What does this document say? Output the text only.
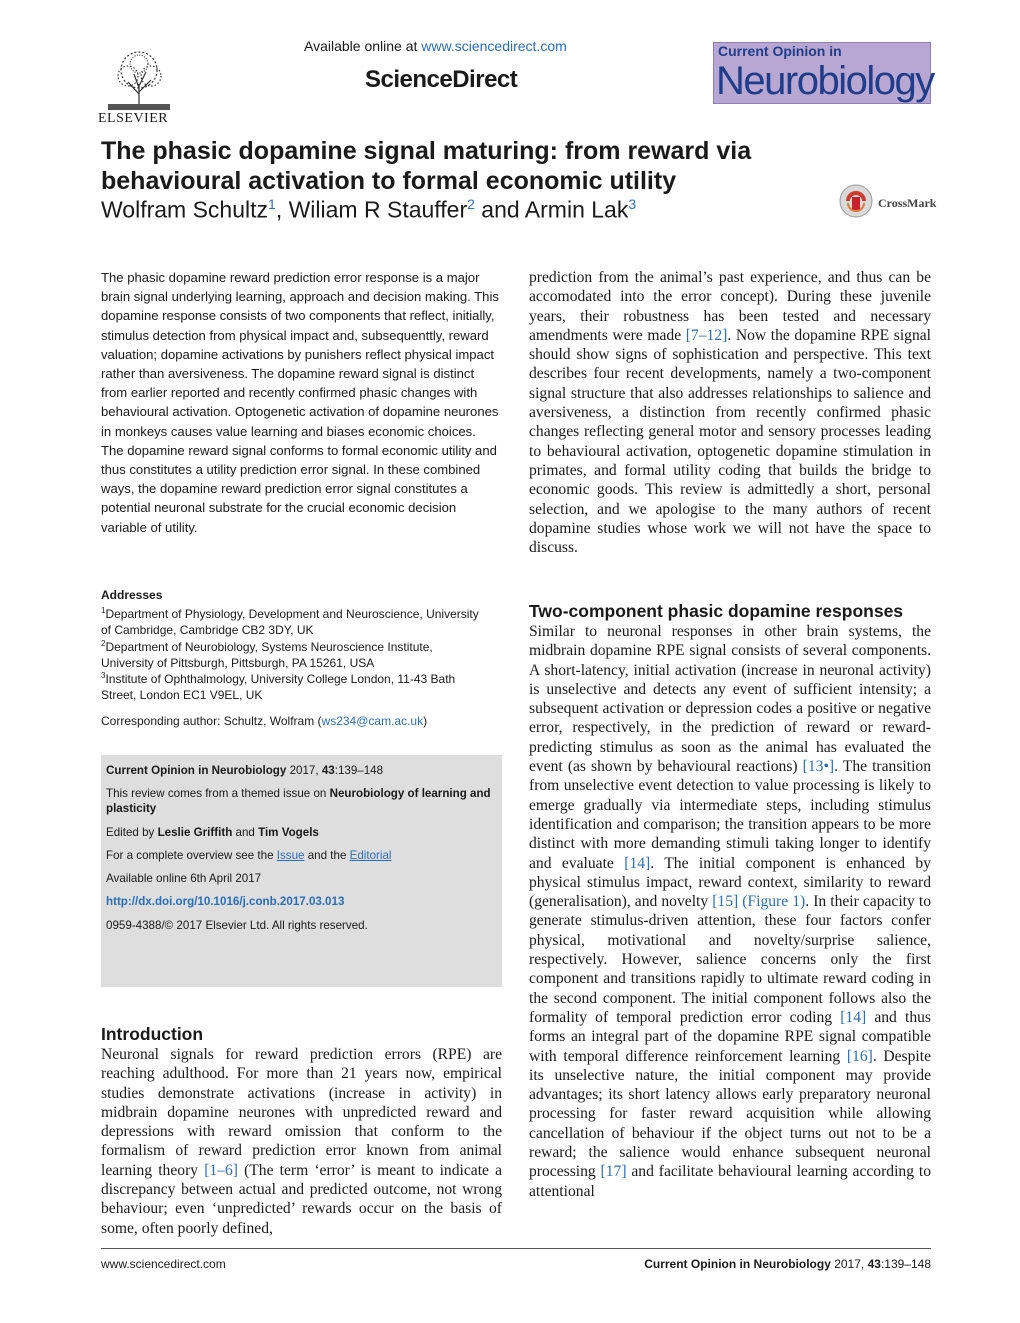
ELSEVIER
Available online at www.sciencedirect.com
ScienceDirect
Current Opinion in
Neurobiology
The phasic dopamine signal maturing: from reward via behavioural activation to formal economic utility
Wolfram Schultz$^1$, Wiliam R Stauffer$^2$ and Armin Lak$^3$	CrossMark
The phasic dopamine reward prediction error response is a major brain signal underlying learning, approach and decision making. This dopamine response consists of two components that reflect, initially, stimulus detection from physical impact and, subsequenttly, reward valuation; dopamine activations by punishers reflect physical impact rather than aversiveness. The dopamine reward signal is distinct from earlier reported and recently confirmed phasic changes with behavioural activation. Optogenetic activation of dopamine neurones in monkeys causes value learning and biases economic choices. The dopamine reward signal conforms to formal economic utility and thus constitutes a utility prediction error signal. In these combined ways, the dopamine reward prediction error signal constitutes a potential neuronal substrate for the crucial economic decision variable of utility.
Addresses
$^1$Department of Physiology, Development and Neuroscience, University
of Cambridge, Cambridge CB2 3DY, UK
$^2$Department of Neurobiology, Systems Neuroscience Institute,
University of Pittsburgh, Pittsburgh, PA 15261, USA
$^3$Institute of Ophthalmology, University College London, 11-43 Bath
Street, London EC1 V9EL, UK
Corresponding author: Schultz, Wolfram (ws234@cam.ac.uk)
Current Opinion in Neurobiology 2017, 43:139–148
This review comes from a themed issue on Neurobiology of learning and plasticity
Edited by Leslie Griffith and Tim Vogels
For a complete overview see the Issue and the Editorial
Available online 6th April 2017
http://dx.doi.org/10.1016/j.conb.2017.03.013
0959-4388/© 2017 Elsevier Ltd. All rights reserved.
Introduction
Neuronal signals for reward prediction errors (RPE) are reaching adulthood. For more than 21 years now, empirical studies demonstrate activations (increase in activity) in midbrain dopamine neurones with unpredicted reward and depressions with reward omission that conform to the formalism of reward prediction error known from animal learning theory [1–6] (The term ‘error’ is meant to indicate a discrepancy between actual and predicted outcome, not wrong behaviour; even ‘unpredicted’ rewards occur on the basis of some, often poorly defined,
prediction from the animal’s past experience, and thus can be accomodated into the error concept). During these juvenile years, their robustness has been tested and necessary amendments were made [7–12]. Now the dopamine RPE signal should show signs of sophistication and perspective. This text describes four recent developments, namely a two-component signal structure that also addresses relationships to salience and aversiveness, a distinction from recently confirmed phasic changes reflecting general motor and sensory processes leading to behavioural activation, optogenetic dopamine stimulation in primates, and formal utility coding that builds the bridge to economic goods. This review is admittedly a short, personal selection, and we apologise to the many authors of recent dopamine studies whose work we will not have the space to discuss.
Two-component phasic dopamine responses
Similar to neuronal responses in other brain systems, the midbrain dopamine RPE signal consists of several components. A short-latency, initial activation (increase in neuronal activity) is unselective and detects any event of sufficient intensity; a subsequent activation or depression codes a positive or negative error, respectively, in the prediction of reward or reward-predicting stimulus as soon as the animal has evaluated the event (as shown by behavioural reactions) [13•]. The transition from unselective event detection to value processing is likely to emerge gradually via intermediate steps, including stimulus identification and comparison; the transition appears to be more distinct with more demanding stimuli taking longer to identify and evaluate [14]. The initial component is enhanced by physical stimulus impact, reward context, similarity to reward (generalisation), and novelty [15] (Figure 1). In their capacity to generate stimulus-driven attention, these four factors confer physical, motivational and novelty/surprise salience, respectively. However, salience concerns only the first component and transitions rapidly to ultimate reward coding in the second component. The initial component follows also the formality of temporal prediction error coding [14] and thus forms an integral part of the dopamine RPE signal compatible with temporal difference reinforcement learning [16]. Despite its unselective nature, the initial component may provide advantages; its short latency allows early preparatory neuronal processing for faster reward acquisition while allowing cancellation of behaviour if the object turns out not to be a reward; the salience would enhance subsequent neuronal processing [17] and facilitate behavioural learning according to attentional
www.sciencedirect.com	Current Opinion in Neurobiology 2017, 43:139–148
